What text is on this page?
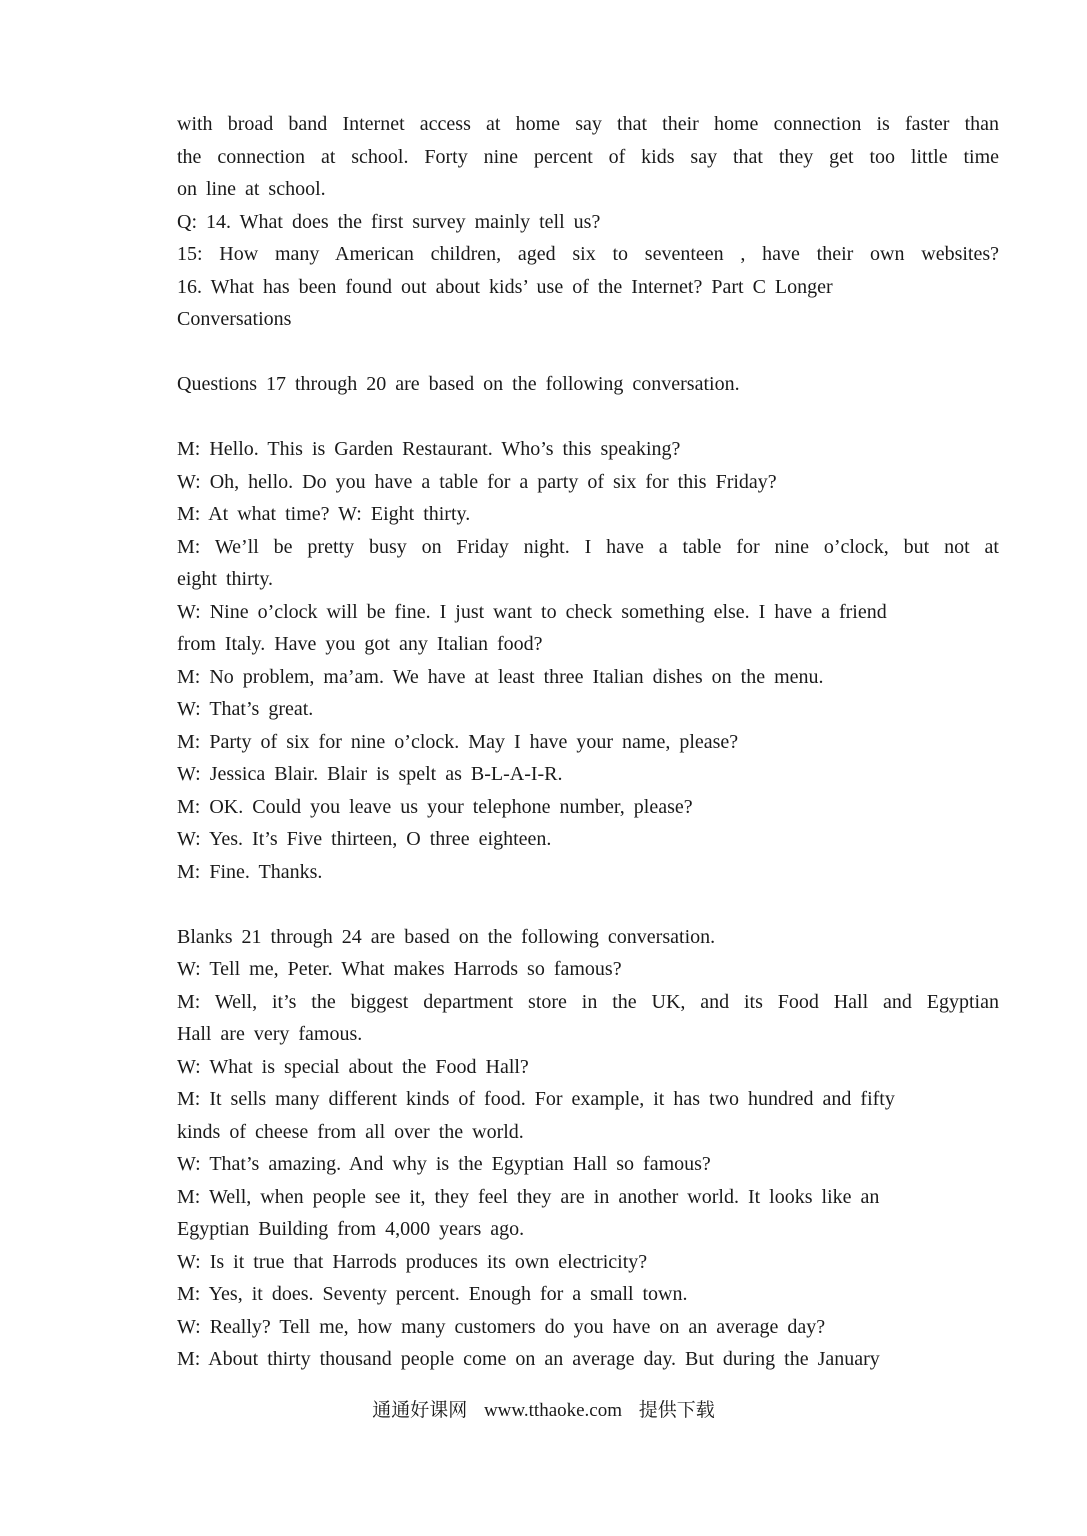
with broad band Internet access at home say that their home connection is faster than
the connection at school. Forty nine percent of kids say that they get too little time
on line at school.
Q: 14. What does the first survey mainly tell us?
15: How many American children, aged six to seventeen , have their own websites?
16. What has been found out about kids’ use of the Internet? Part C Longer
Conversations
Questions 17 through 20 are based on the following conversation.
M: Hello. This is Garden Restaurant. Who’s this speaking?
W: Oh, hello. Do you have a table for a party of six for this Friday?
M: At what time? W: Eight thirty.
M: We’ll be pretty busy on Friday night. I have a table for nine o’clock, but not at
eight thirty.
W: Nine o’clock will be fine. I just want to check something else. I have a friend
from Italy. Have you got any Italian food?
M: No problem, ma’am. We have at least three Italian dishes on the menu.
W: That’s great.
M: Party of six for nine o’clock. May I have your name, please?
W: Jessica Blair. Blair is spelt as B-L-A-I-R.
M: OK. Could you leave us your telephone number, please?
W: Yes. It’s Five thirteen, O three eighteen.
M: Fine. Thanks.
Blanks 21 through 24 are based on the following conversation.
W: Tell me, Peter. What makes Harrods so famous?
M: Well, it’s the biggest department store in the UK, and its Food Hall and Egyptian
Hall are very famous.
W: What is special about the Food Hall?
M: It sells many different kinds of food. For example, it has two hundred and fifty
kinds of cheese from all over the world.
W: That’s amazing. And why is the Egyptian Hall so famous?
M: Well, when people see it, they feel they are in another world. It looks like an
Egyptian Building from 4,000 years ago.
W: Is it true that Harrods produces its own electricity?
M: Yes, it does. Seventy percent. Enough for a small town.
W: Really? Tell me, how many customers do you have on an average day?
M: About thirty thousand people come on an average day. But during the January
通通好课网 www.tthaoke.com 提供下载
